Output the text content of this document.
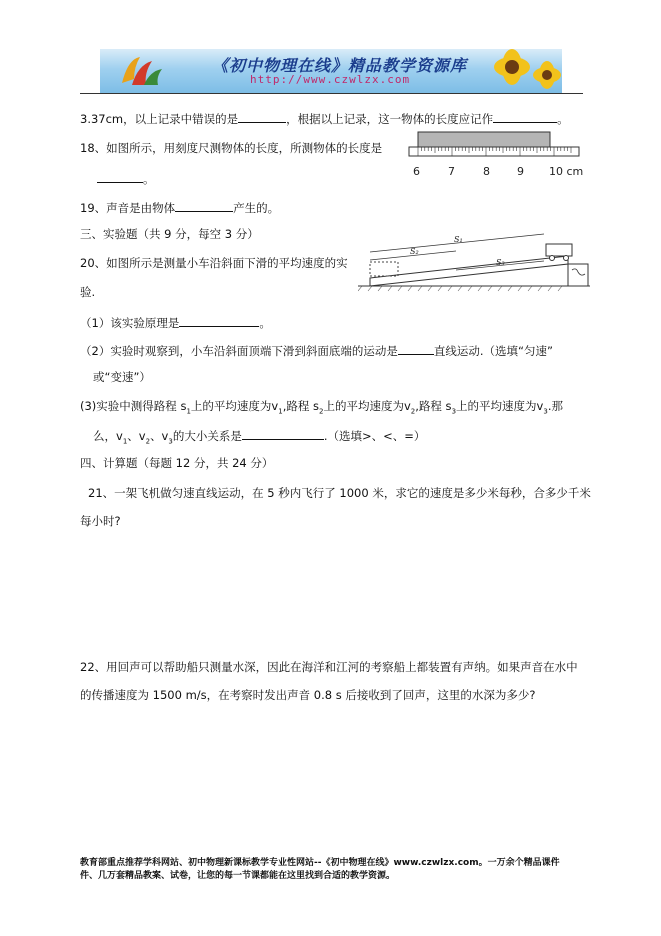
《初中物理在线》精品教学资源库
http://www.czwlzx.com
3.37cm，以上记录中错误的是	，根据以上记录，这一物体的长度应记作	。
6	7	8 9 10 cm
18、如图所示，用刻度尺测物体的长度，所测物体的长度是
。
19、声音是由物体	产生的。
三、实验题（共 9 分，每空 3 分）	S₁
S₂
S₃
20、如图所示是测量小车沿斜面下滑的平均速度的实
验.
（1）该实验原理是	。
（2）实验时观察到，小车沿斜面顶端下滑到斜面底端的运动是	直线运动.（选填“匀速”
或“变速”）
(3)实验中测得路程 $s_1$上的平均速度为$v_1$,路程 $s_2$上的平均速度为$v_2$,路程 $s_3$上的平均速度为$v_3$.那
么，$v_1$、$v_2$、$v_3$的大小关系是	.（选填>、<、=）
四、计算题（每题 12 分，共 24 分）
21、一架飞机做匀速直线运动，在 5 秒内飞行了 1000 米，求它的速度是多少米每秒，合多少千米
每小时?
22、用回声可以帮助船只测量水深，因此在海洋和江河的考察船上都装置有声纳。如果声音在水中
的传播速度为 1500 m/s，在考察时发出声音 0.8 s 后接收到了回声，这里的水深为多少?
教育部重点推荐学科网站、初中物理新课标教学专业性网站--《初中物理在线》www.czwlzx.com。一万余个精品课件
件、几万套精品教案、试卷，让您的每一节课都能在这里找到合适的教学资源。
